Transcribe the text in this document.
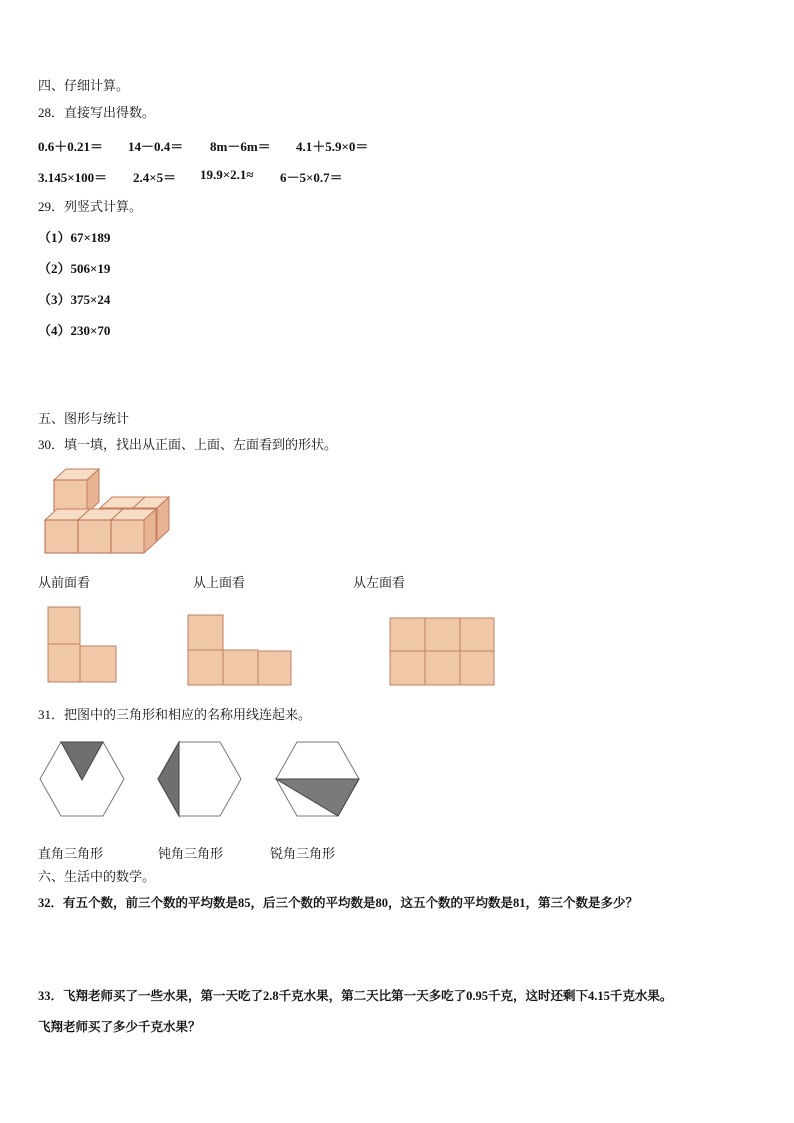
四、仔细计算。
28．直接写出得数。
0.6＋0.21＝ 14－0.4＝ 8m－6m＝ 4.1＋5.9×0＝
3.145×100＝ 2.4×5＝ 19.9×2.1≈ 6－5×0.7＝
29．列竖式计算。
（1）67×189
（2）506×19
（3）375×24
（4）230×70
五、图形与统计
30．填一填，找出从正面、上面、左面看到的形状。
从前面看	从上面看	从左面看
31．把图中的三角形和相应的名称用线连起来。
直角三角形	钝角三角形	锐角三角形
六、生活中的数学。
32．有五个数，前三个数的平均数是85，后三个数的平均数是80，这五个数的平均数是81，第三个数是多少？
33．飞翔老师买了一些水果，第一天吃了2.8千克水果，第二天比第一天多吃了0.95千克，这时还剩下4.15千克水果。
飞翔老师买了多少千克水果？
